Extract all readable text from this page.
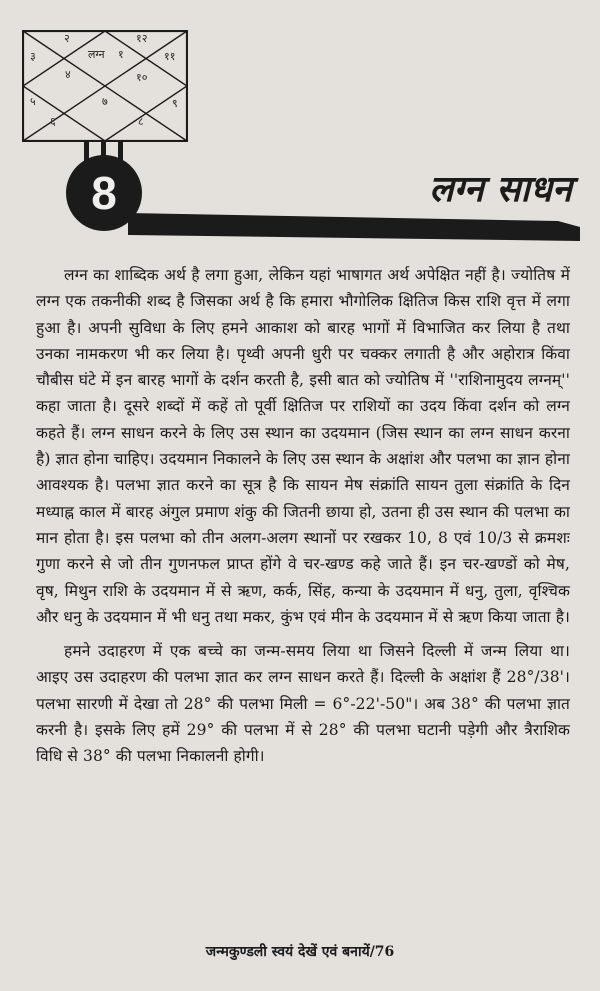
लग्न १
२
३
४
५
६
७
८
९
१०
११
१२
8	लग्न साधन

लग्न का शाब्दिक अर्थ है लगा हुआ, लेकिन यहां भाषागत अर्थ अपेक्षित नहीं है। ज्योतिष में लग्न एक तकनीकी शब्द है जिसका अर्थ है कि हमारा भौगोलिक क्षितिज किस राशि वृत्त में लगा हुआ है। अपनी सुविधा के लिए हमने आकाश को बारह भागों में विभाजित कर लिया है तथा उनका नामकरण भी कर लिया है। पृथ्वी अपनी धुरी पर चक्कर लगाती है और अहोरात्र किंवा चौबीस घंटे में इन बारह भागों के दर्शन करती है, इसी बात को ज्योतिष में ''राशिनामुदय लग्नम्'' कहा जाता है। दूसरे शब्दों में कहें तो पूर्वी क्षितिज पर राशियों का उदय किंवा दर्शन को लग्न कहते हैं। लग्न साधन करने के लिए उस स्थान का उदयमान (जिस स्थान का लग्न साधन करना है) ज्ञात होना चाहिए। उदयमान निकालने के लिए उस स्थान के अक्षांश और पलभा का ज्ञान होना आवश्यक है। पलभा ज्ञात करने का सूत्र है कि सायन मेष संक्रांति सायन तुला संक्रांति के दिन मध्याह्न काल में बारह अंगुल प्रमाण शंकु की जितनी छाया हो, उतना ही उस स्थान की पलभा का मान होता है। इस पलभा को तीन अलग-अलग स्थानों पर रखकर 10, 8 एवं 10/3 से क्रमशः गुणा करने से जो तीन गुणनफल प्राप्त होंगे वे चर-खण्ड कहे जाते हैं। इन चर-खण्डों को मेष, वृष, मिथुन राशि के उदयमान में से ऋण, कर्क, सिंह, कन्या के उदयमान में धनु, तुला, वृश्चिक और धनु के उदयमान में भी धनु तथा मकर, कुंभ एवं मीन के उदयमान में से ऋण किया जाता है।

हमने उदाहरण में एक बच्चे का जन्म-समय लिया था जिसने दिल्ली में जन्म लिया था। आइए उस उदाहरण की पलभा ज्ञात कर लग्न साधन करते हैं। दिल्ली के अक्षांश हैं 28°/38'। पलभा सारणी में देखा तो 28° की पलभा मिली = 6°-22'-50"। अब 38° की पलभा ज्ञात करनी है। इसके लिए हमें 29° की पलभा में से 28° की पलभा घटानी पड़ेगी और त्रैराशिक विधि से 38° की पलभा निकालनी होगी।

जन्मकुण्डली स्वयं देखें एवं बनायें/76
